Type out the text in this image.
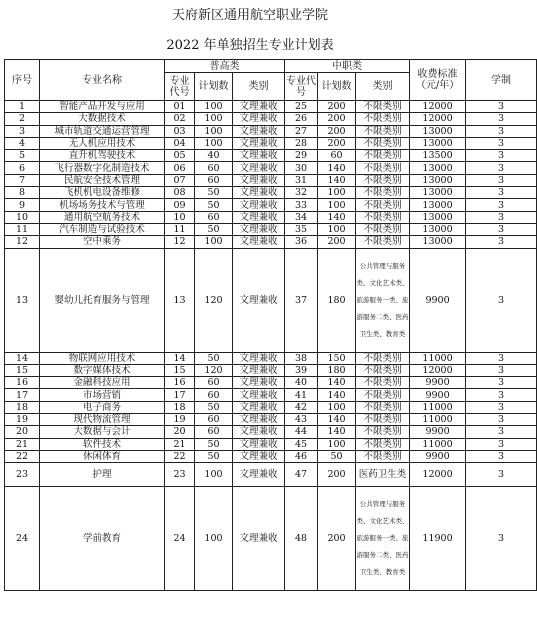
天府新区通用航空职业学院
2022 年单独招生专业计划表
序号	专业名称	普高类			中职类			收费标准（元/年）	学制
		专业代号	计划数	类别	专业代号	计划数	类别		
1	智能产品开发与应用	01	100	文理兼收	25	200	不限类别	12000	3
2	大数据技术	02	100	文理兼收	26	200	不限类别	12000	3
3	城市轨道交通运营管理	03	100	文理兼收	27	200	不限类别	13000	3
4	无人机应用技术	04	100	文理兼收	28	200	不限类别	13000	3
5	直升机驾驶技术	05	40	文理兼收	29	60	不限类别	13500	3
6	飞行器数字化制造技术	06	60	文理兼收	30	140	不限类别	13000	3
7	民航安全技术管理	07	60	文理兼收	31	140	不限类别	13000	3
8	飞机机电设备维修	08	50	文理兼收	32	100	不限类别	13000	3
9	机场场务技术与管理	09	50	文理兼收	33	100	不限类别	13000	3
10	通用航空航务技术	10	60	文理兼收	34	140	不限类别	13000	3
11	汽车制造与试验技术	11	50	文理兼收	35	100	不限类别	13000	3
12	空中乘务	12	100	文理兼收	36	200	不限类别	13000	3
13	婴幼儿托育服务与管理	13	120	文理兼收	37	180	公共管理与服务类、文化艺术类、旅游服务一类、旅游服务二类、医药卫生类、教育类	9900	3
14	物联网应用技术	14	50	文理兼收	38	150	不限类别	11000	3
15	数字媒体技术	15	120	文理兼收	39	180	不限类别	12000	3
16	金融科技应用	16	60	文理兼收	40	140	不限类别	9900	3
17	市场营销	17	60	文理兼收	41	140	不限类别	9900	3
18	电子商务	18	50	文理兼收	42	100	不限类别	11000	3
19	现代物流管理	19	60	文理兼收	43	140	不限类别	11000	3
20	大数据与会计	20	60	文理兼收	44	140	不限类别	9900	3
21	软件技术	21	50	文理兼收	45	100	不限类别	11000	3
22	休闲体育	22	50	文理兼收	46	50	不限类别	9900	3
23	护理	23	100	文理兼收	47	200	医药卫生类	12000	3
24	学前教育	24	100	文理兼收	48	200	公共管理与服务类、文化艺术类、旅游服务一类、旅游服务二类、医药卫生类、教育类	11900	3
